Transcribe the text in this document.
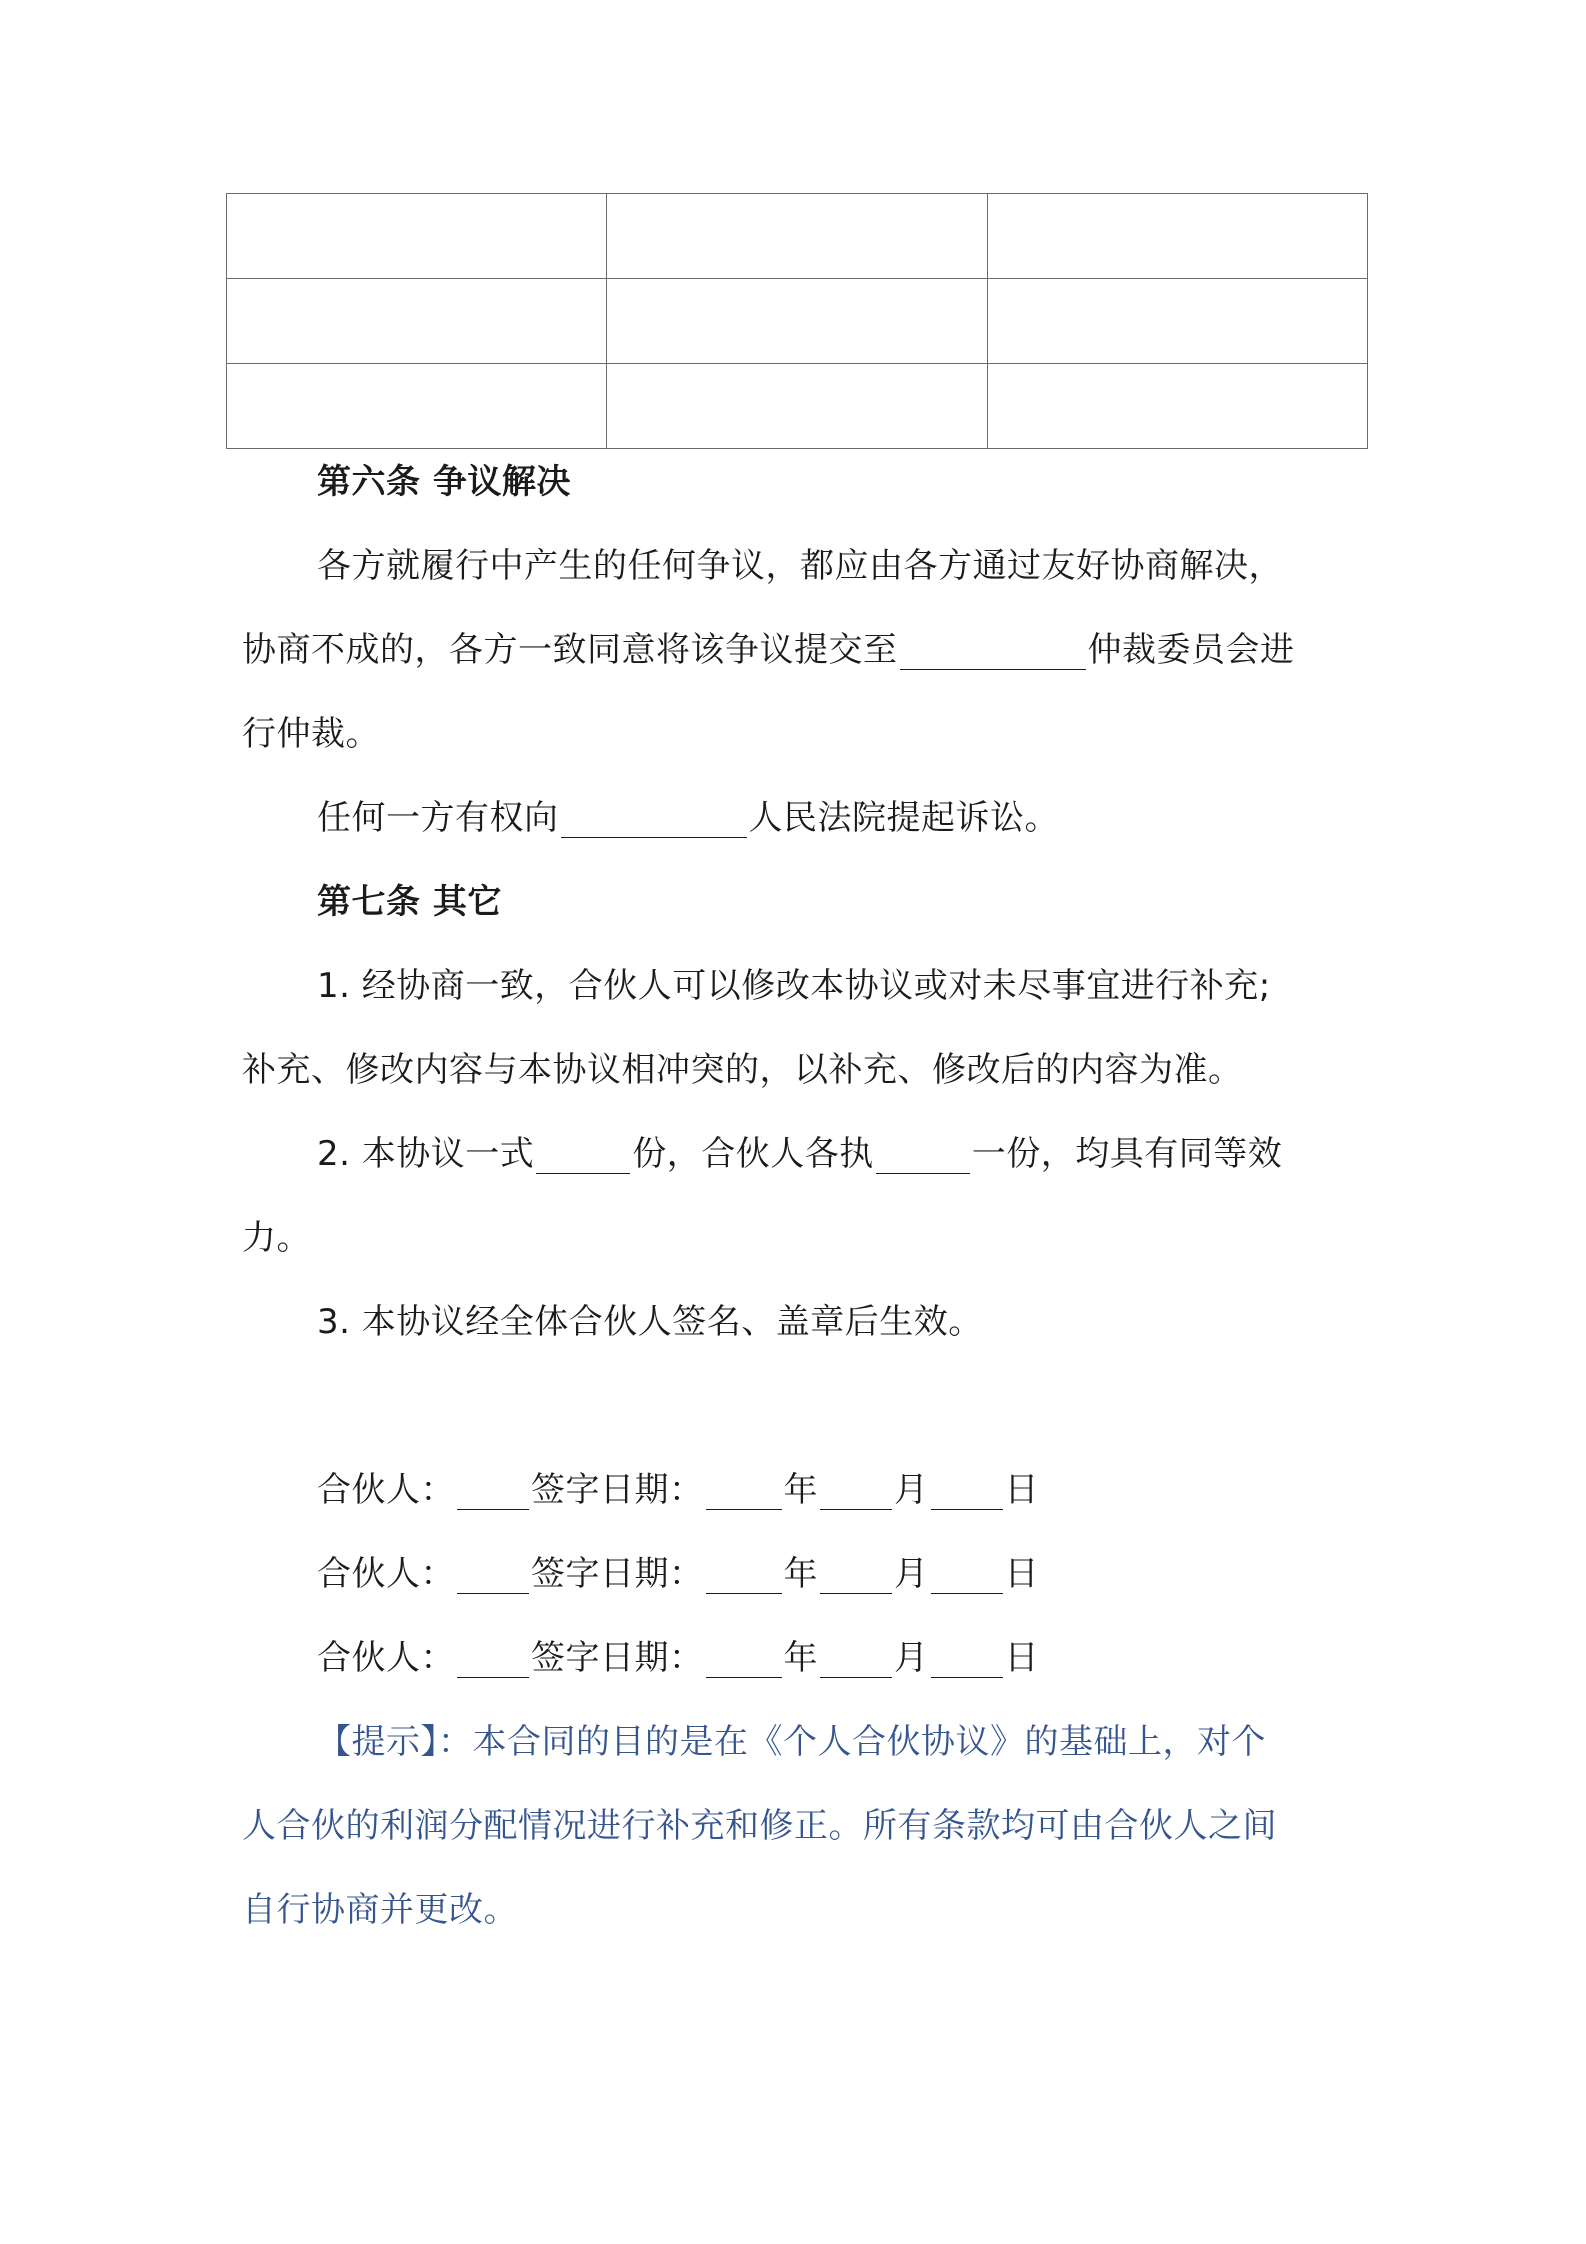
第六条 争议解决
各方就履行中产生的任何争议，都应由各方通过友好协商解决，
协商不成的，各方一致同意将该争议提交至	仲裁委员会进
行仲裁。
任何一方有权向	人民法院提起诉讼。
第七条 其它
1. 经协商一致，合伙人可以修改本协议或对未尽事宜进行补充;
补充、修改内容与本协议相冲突的，以补充、修改后的内容为准。
2. 本协议一式	份，合伙人各执	一份，均具有同等效
力。
3. 本协议经全体合伙人签名、盖章后生效。
合伙人： 签字日期： 年 月 日
合伙人： 签字日期： 年 月 日
合伙人： 签字日期： 年 月 日
【提示】：本合同的目的是在《个人合伙协议》的基础上，对个
人合伙的利润分配情况进行补充和修正。所有条款均可由合伙人之间
自行协商并更改。
